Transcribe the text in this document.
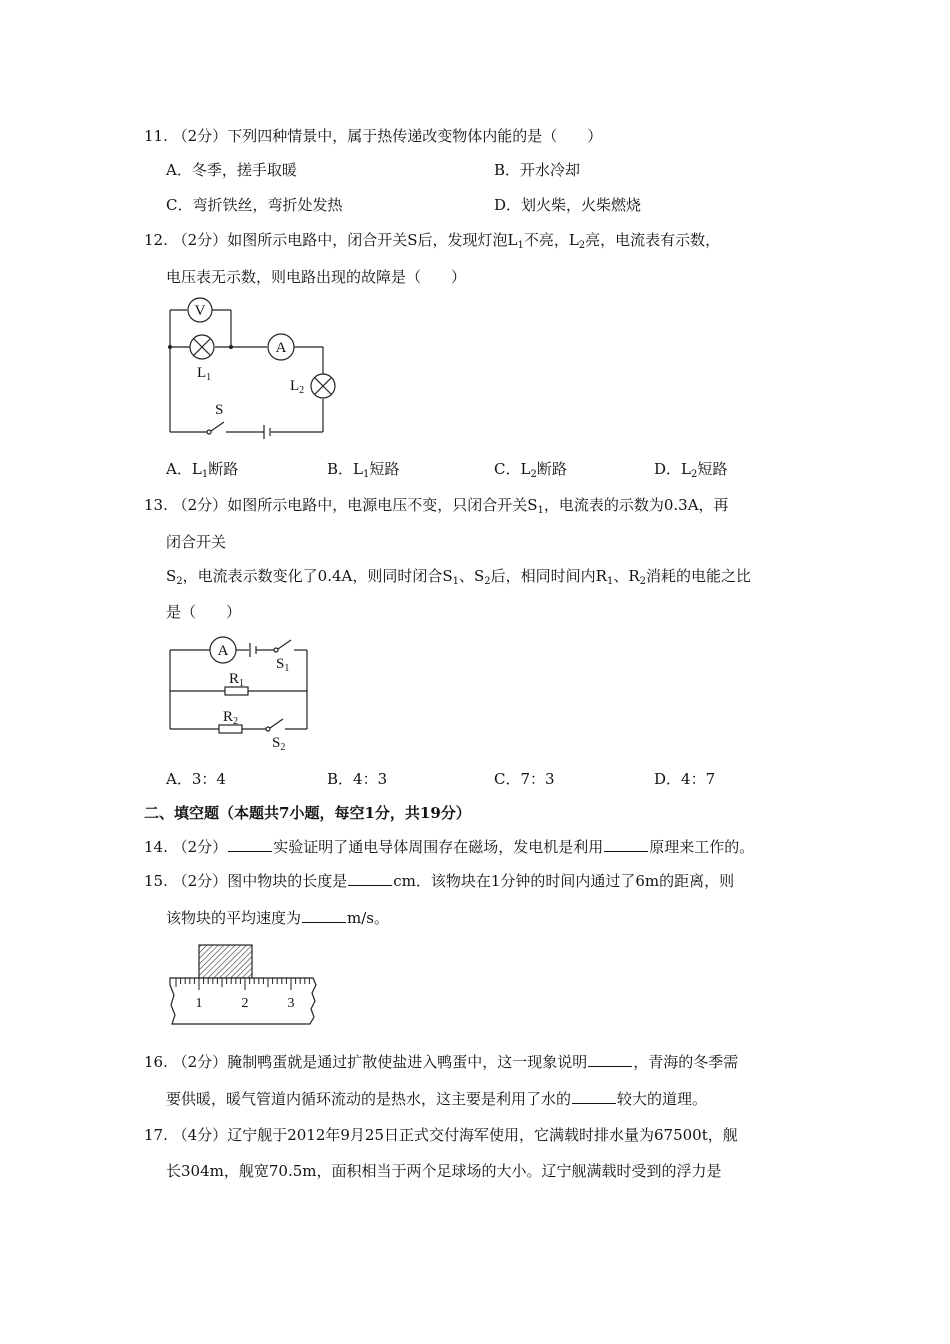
11. （2分）下列四种情景中，属于热传递改变物体内能的是（　　）
A．冬季，搓手取暖	B．开水冷却
C．弯折铁丝，弯折处发热	D．划火柴，火柴燃烧
12. （2分）如图所示电路中，闭合开关S后，发现灯泡$L_1$不亮，$L_2$亮，电流表有示数，
电压表无示数，则电路出现的故障是（　　）
V
A
$L_1$
$L_2$
S
A．$L_1$断路	B．$L_1$短路	C．$L_2$断路	D．$L_2$短路
13. （2分）如图所示电路中，电源电压不变，只闭合开关$S_1$，电流表的示数为0.3A，再
闭合开关
$S_2$，电流表示数变化了0.4A，则同时闭合$S_1$、$S_2$后，相同时间内$R_1$、$R_2$消耗的电能之比
是（　　）
A
$S_1$
$R_1$
$R_2$
$S_2$
A．3：4	B．4：3	C．7：3	D．4：7
二、填空题（本题共7小题，每空1分，共19分）
14. （2分）	实验证明了通电导体周围存在磁场，发电机是利用	原理来工作的。
15. （2分）图中物块的长度是	cm．该物块在1分钟的时间内通过了6m的距离，则
该物块的平均速度为	m/s。
1	2	3
16. （2分）腌制鸭蛋就是通过扩散使盐进入鸭蛋中，这一现象说明	，青海的冬季需
要供暖，暖气管道内循环流动的是热水，这主要是利用了水的	较大的道理。
17. （4分）辽宁舰于2012年9月25日正式交付海军使用，它满载时排水量为67500t，舰
长304m，舰宽70.5m，面积相当于两个足球场的大小。辽宁舰满载时受到的浮力是
